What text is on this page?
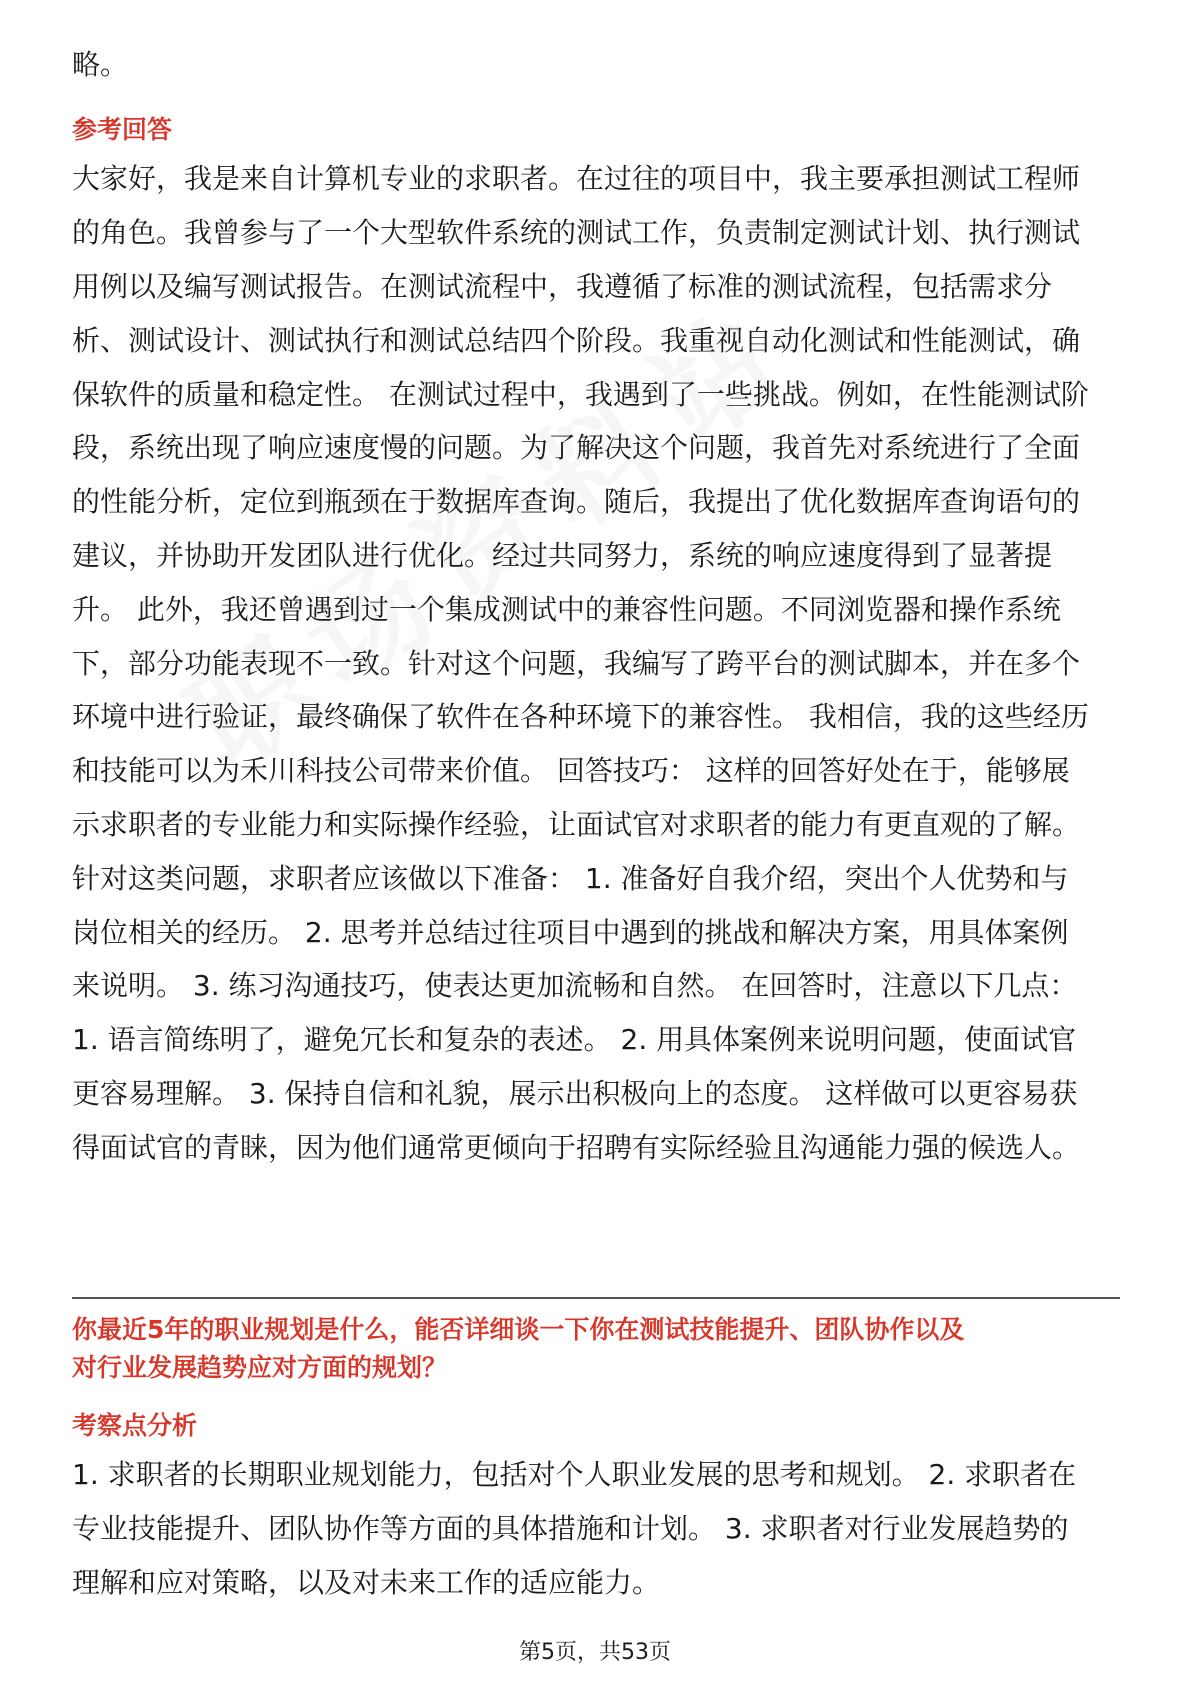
略。
参考回答
大家好，我是来自计算机专业的求职者。在过往的项目中，我主要承担测试工程师
的角色。我曾参与了一个大型软件系统的测试工作，负责制定测试计划、执行测试
用例以及编写测试报告。在测试流程中，我遵循了标准的测试流程，包括需求分
析、测试设计、测试执行和测试总结四个阶段。我重视自动化测试和性能测试，确
保软件的质量和稳定性。 在测试过程中，我遇到了一些挑战。例如，在性能测试阶
段，系统出现了响应速度慢的问题。为了解决这个问题，我首先对系统进行了全面
的性能分析，定位到瓶颈在于数据库查询。随后，我提出了优化数据库查询语句的
建议，并协助开发团队进行优化。经过共同努力，系统的响应速度得到了显著提
升。 此外，我还曾遇到过一个集成测试中的兼容性问题。不同浏览器和操作系统
下，部分功能表现不一致。针对这个问题，我编写了跨平台的测试脚本，并在多个
环境中进行验证，最终确保了软件在各种环境下的兼容性。 我相信，我的这些经历
和技能可以为禾川科技公司带来价值。 回答技巧： 这样的回答好处在于，能够展
示求职者的专业能力和实际操作经验，让面试官对求职者的能力有更直观的了解。
针对这类问题，求职者应该做以下准备： 1. 准备好自我介绍，突出个人优势和与
岗位相关的经历。 2. 思考并总结过往项目中遇到的挑战和解决方案，用具体案例
来说明。 3. 练习沟通技巧，使表达更加流畅和自然。 在回答时，注意以下几点：
1. 语言简练明了，避免冗长和复杂的表述。 2. 用具体案例来说明问题，使面试官
更容易理解。 3. 保持自信和礼貌，展示出积极向上的态度。 这样做可以更容易获
得面试官的青睐，因为他们通常更倾向于招聘有实际经验且沟通能力强的候选人。
你最近5年的职业规划是什么，能否详细谈一下你在测试技能提升、团队协作以及
对行业发展趋势应对方面的规划？
考察点分析
1. 求职者的长期职业规划能力，包括对个人职业发展的思考和规划。 2. 求职者在
专业技能提升、团队协作等方面的具体措施和计划。 3. 求职者对行业发展趋势的
理解和应对策略，以及对未来工作的适应能力。
第5页，共53页
